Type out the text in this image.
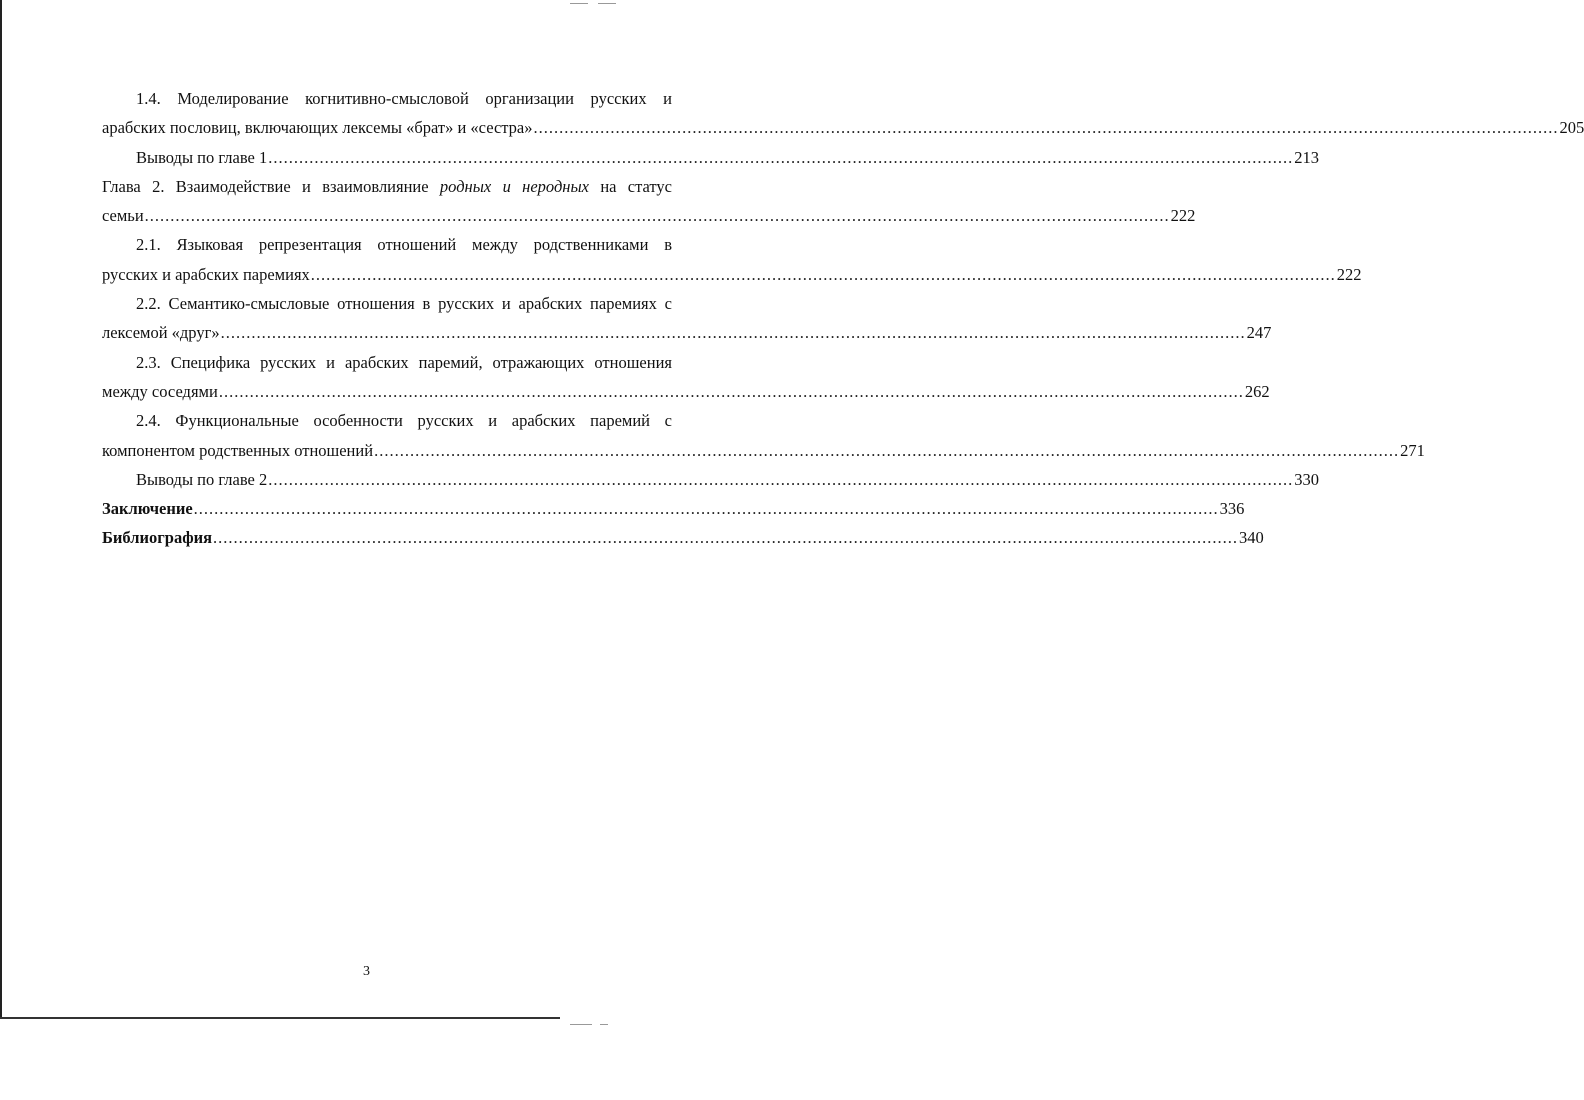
1.4. Моделирование когнитивно-смысловой организации русских и
арабских пословиц, включающих лексемы «брат» и «сестра» ........................................................................................................................................................................................................ 205
Выводы по главе 1 ........................................................................................................................................................................................................ 213
Глава 2. Взаимодействие и взаимовлияние родных и неродных на статус
семьи ........................................................................................................................................................................................................ 222
2.1. Языковая репрезентация отношений между родственниками в
русских и арабских паремиях ........................................................................................................................................................................................................ 222
2.2. Семантико-смысловые отношения в русских и арабских паремиях с
лексемой «друг» ........................................................................................................................................................................................................ 247
2.3. Специфика русских и арабских паремий, отражающих отношения
между соседями ........................................................................................................................................................................................................ 262
2.4. Функциональные особенности русских и арабских паремий с
компонентом родственных отношений ........................................................................................................................................................................................................ 271
Выводы по главе 2 ........................................................................................................................................................................................................ 330
Заключение ........................................................................................................................................................................................................ 336
Библиография ........................................................................................................................................................................................................ 340
3
